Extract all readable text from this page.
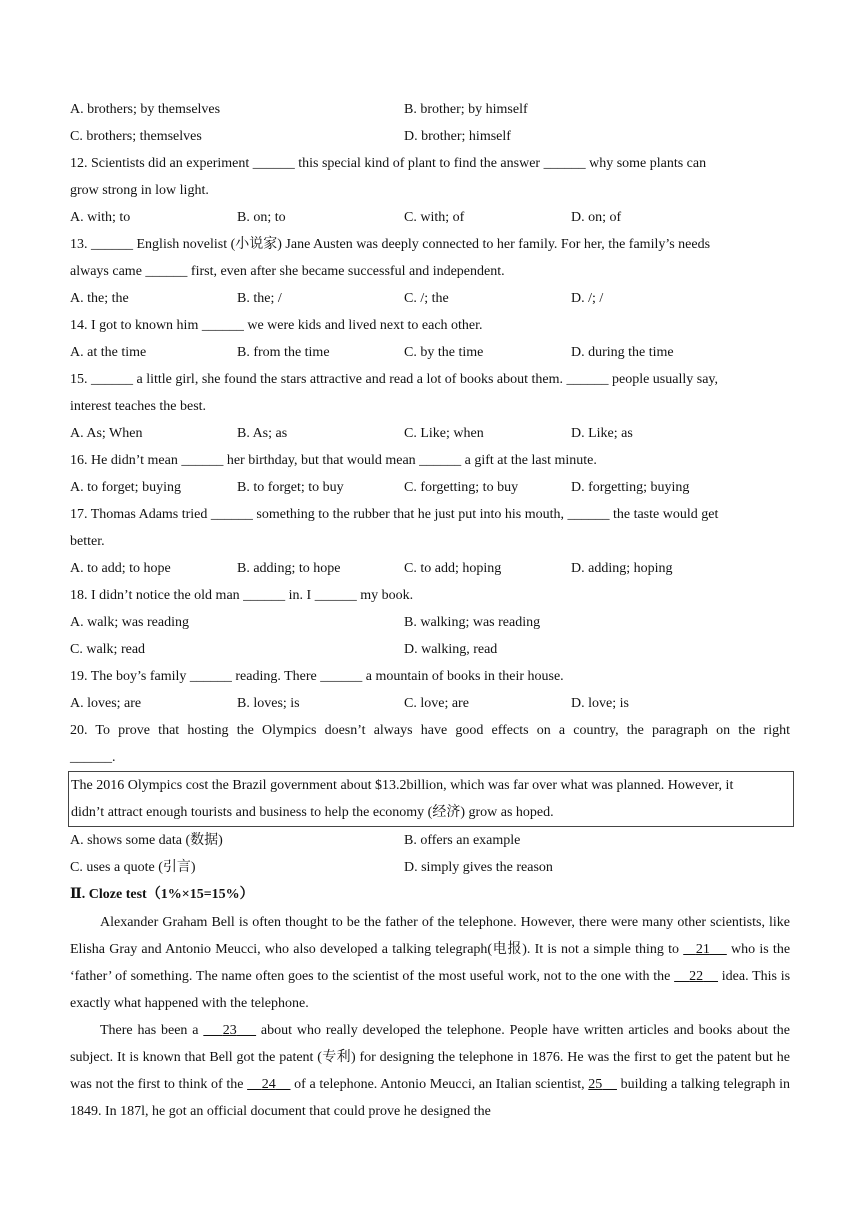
A. brothers; by themselves	B. brother; by himself
C. brothers; themselves	D. brother; himself
12. Scientists did an experiment ______ this special kind of plant to find the answer ______ why some plants can
grow strong in low light.
A. with; to	B. on; to	C. with; of	D. on; of
13. ______ English novelist (小说家) Jane Austen was deeply connected to her family. For her, the family’s needs
always came ______ first, even after she became successful and independent.
A. the; the	B. the; /	C. /; the	D. /; /
14. I got to known him ______ we were kids and lived next to each other.
A. at the time	B. from the time	C. by the time	D. during the time
15. ______ a little girl, she found the stars attractive and read a lot of books about them. ______ people usually say,
interest teaches the best.
A. As; When	B. As; as	C. Like; when	D. Like; as
16. He didn’t mean ______ her birthday, but that would mean ______ a gift at the last minute.
A. to forget; buying	B. to forget; to buy	C. forgetting; to buy	D. forgetting; buying
17. Thomas Adams tried ______ something to the rubber that he just put into his mouth, ______ the taste would get
better.
A. to add; to hope	B. adding; to hope	C. to add; hoping	D. adding; hoping
18. I didn’t notice the old man ______ in. I ______ my book.
A. walk; was reading	B. walking; was reading
C. walk; read	D. walking, read
19. The boy’s family ______ reading. There ______ a mountain of books in their house.
A. loves; are	B. loves; is	C. love; are	D. love; is
20. To prove that hosting the Olympics doesn’t always have good effects on a country, the paragraph on the right
______.
The 2016 Olympics cost the Brazil government about $13.2billion, which was far over what was planned. However, it
didn’t attract enough tourists and business to help the economy (经济) grow as hoped.
A. shows some data (数据)	B. offers an example
C. uses a quote (引言)	D. simply gives the reason
Ⅱ. Cloze test（1%×15=15%）
Alexander Graham Bell is often thought to be the father of the telephone. However, there were many other scientists, like Elisha Gray and Antonio Meucci, who also developed a talking telegraph(电报). It is not a simple thing to    21     who is the ‘father’ of something. The name often goes to the scientist of the most useful work, not to the one with the     22     idea. This is exactly what happened with the telephone.
There has been a     23     about who really developed the telephone. People have written articles and books about the subject. It is known that Bell got the patent (专利) for designing the telephone in 1876. He was the first to get the patent but he was not the first to think of the     24     of a telephone. Antonio Meucci, an Italian scientist, 25     building a talking telegraph in 1849. In 187l, he got an official document that could prove he designed the
